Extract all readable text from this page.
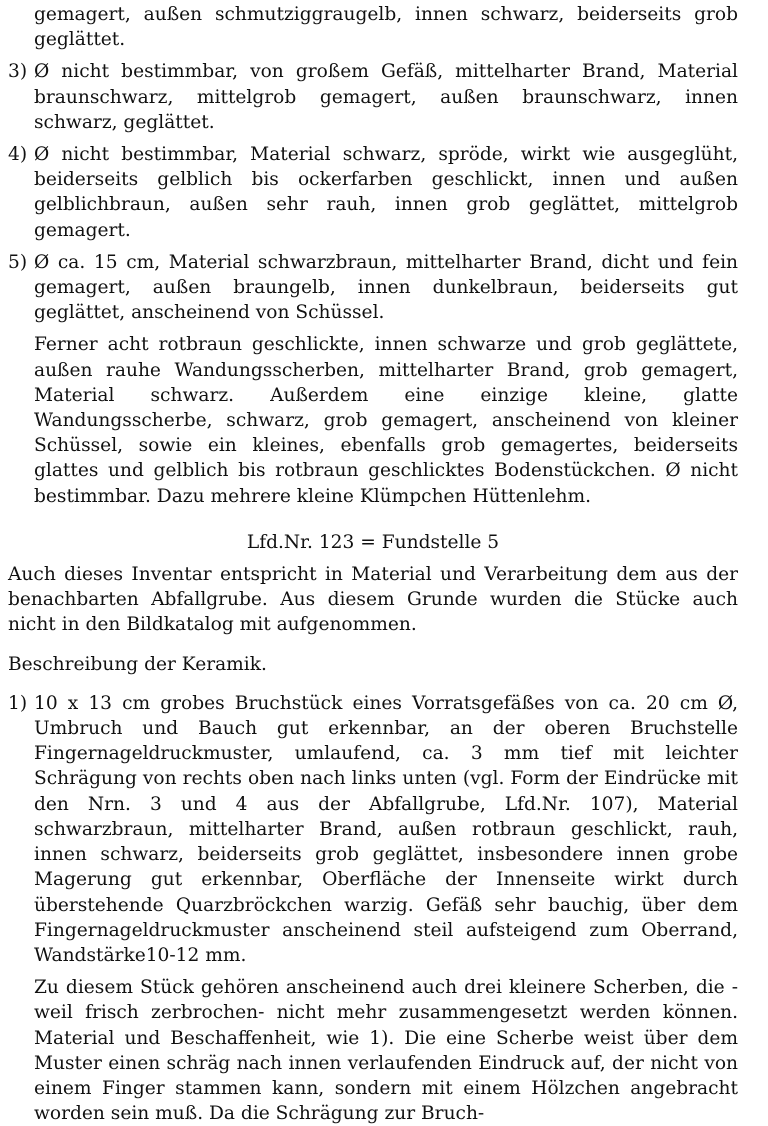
gemagert, außen schmutziggraugelb, innen schwarz, beiderseits grob geglättet.

3) Ø nicht bestimmbar, von großem Gefäß, mittelharter Brand, Material braunschwarz, mittelgrob gemagert, außen braunschwarz, innen schwarz, geglättet.
4) Ø nicht bestimmbar, Material schwarz, spröde, wirkt wie ausgeglüht, beiderseits gelblich bis ockerfarben geschlickt, innen und außen gelblichbraun, außen sehr rauh, innen grob geglättet, mittelgrob gemagert.
5) Ø ca. 15 cm, Material schwarzbraun, mittelharter Brand, dicht und fein gemagert, außen braungelb, innen dunkelbraun, beiderseits gut geglättet, anscheinend von Schüssel.

Ferner acht rotbraun geschlickte, innen schwarze und grob geglättete, außen rauhe Wandungsscherben, mittelharter Brand, grob gemagert, Material schwarz. Außerdem eine einzige kleine, glatte Wandungsscherbe, schwarz, grob gemagert, anscheinend von kleiner Schüssel, sowie ein kleines, ebenfalls grob gemagertes, beiderseits glattes und gelblich bis rotbraun geschlicktes Bodenstückchen. Ø nicht bestimmbar. Dazu mehrere kleine Klümpchen Hüttenlehm.

Lfd.Nr. 123 = Fundstelle 5

Auch dieses Inventar entspricht in Material und Verarbeitung dem aus der benachbarten Abfallgrube. Aus diesem Grunde wurden die Stücke auch nicht in den Bildkatalog mit aufgenommen.

Beschreibung der Keramik.

1) 10 x 13 cm grobes Bruchstück eines Vorratsgefäßes von ca. 20 cm Ø, Umbruch und Bauch gut erkennbar, an der oberen Bruchstelle Fingernageldruckmuster, umlaufend, ca. 3 mm tief mit leichter Schrägung von rechts oben nach links unten (vgl. Form der Eindrücke mit den Nrn. 3 und 4 aus der Abfallgrube, Lfd.Nr. 107), Material schwarzbraun, mittelharter Brand, außen rotbraun geschlickt, rauh, innen schwarz, beiderseits grob geglättet, insbesondere innen grobe Magerung gut erkennbar, Oberfläche der Innenseite wirkt durch überstehende Quarzbröckchen warzig. Gefäß sehr bauchig, über dem Fingernageldruckmuster anscheinend steil aufsteigend zum Oberrand, Wandstärke10-12 mm.

Zu diesem Stück gehören anscheinend auch drei kleinere Scherben, die -weil frisch zerbrochen- nicht mehr zusammengesetzt werden können. Material und Beschaffenheit, wie 1). Die eine Scherbe weist über dem Muster einen schräg nach innen verlaufenden Eindruck auf, der nicht von einem Finger stammen kann, sondern mit einem Hölzchen angebracht worden sein muß. Da die Schrägung zur Bruch-
